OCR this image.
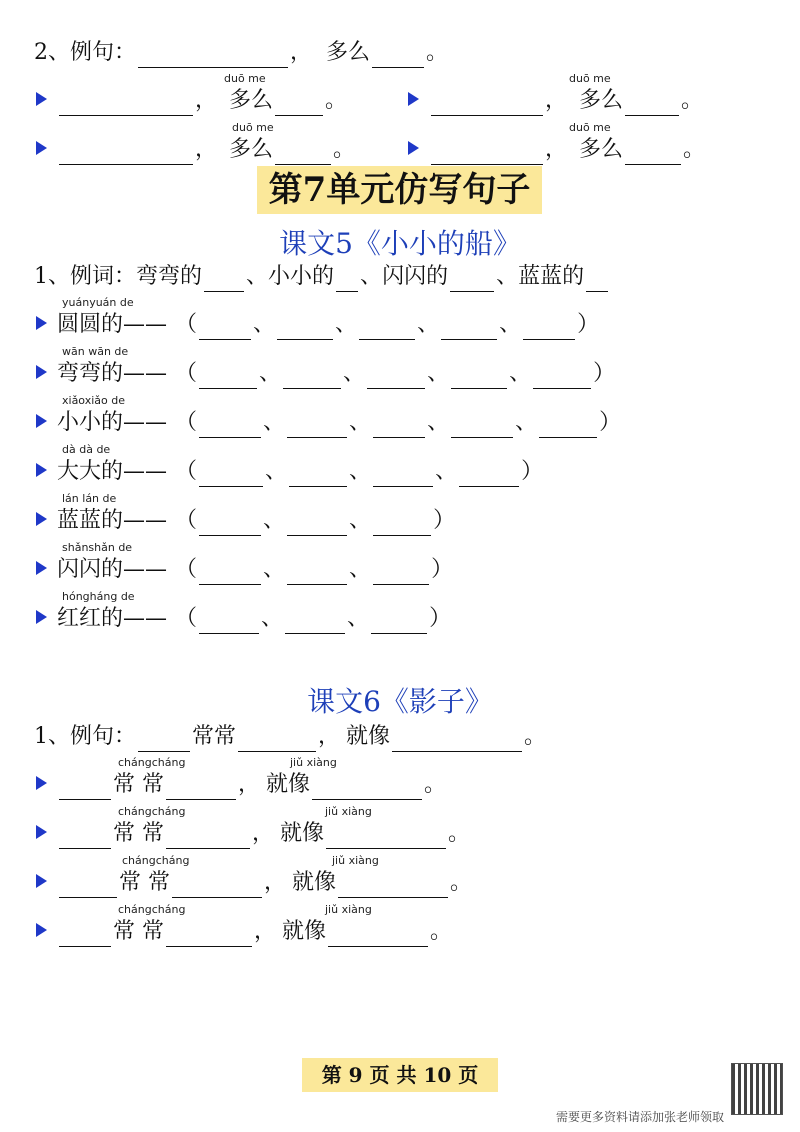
2、例句：	， 多么	。
duō me	duō me
， 多么 。	， 多么	。
duō me	duō me
， 多么	。	， 多么	。
第7单元仿写句子
课文5《小小的船》
1、例词：弯弯的 、小小的 、闪闪的 、蓝蓝的
yuányuán de
圆圆的—— （	、	、	、	、	）
wān wān de
弯弯的—— （	、	、	、	、	）
xiǎoxiǎo de
小小的—— （	、	、	、	、	）
dà dà de
大大的—— （	、	、	、	）
lán lán de
蓝蓝的—— （	、	、	）
shǎnshǎn de
闪闪的—— （	、	、	）
hóngháng de
红红的—— （	、	、	）
课文6《影子》
1、例句：	常常	， 就像	。
chángcháng	jiǔ xiàng
常 常	， 就像	。
chángcháng	jiǔ xiàng
常 常	， 就像	。
chángcháng	jiǔ xiàng
常 常	， 就像	。
chángcháng	jiǔ xiàng
常 常	， 就像	。
第 9 页 共 10 页
需要更多资料请添加张老师领取
